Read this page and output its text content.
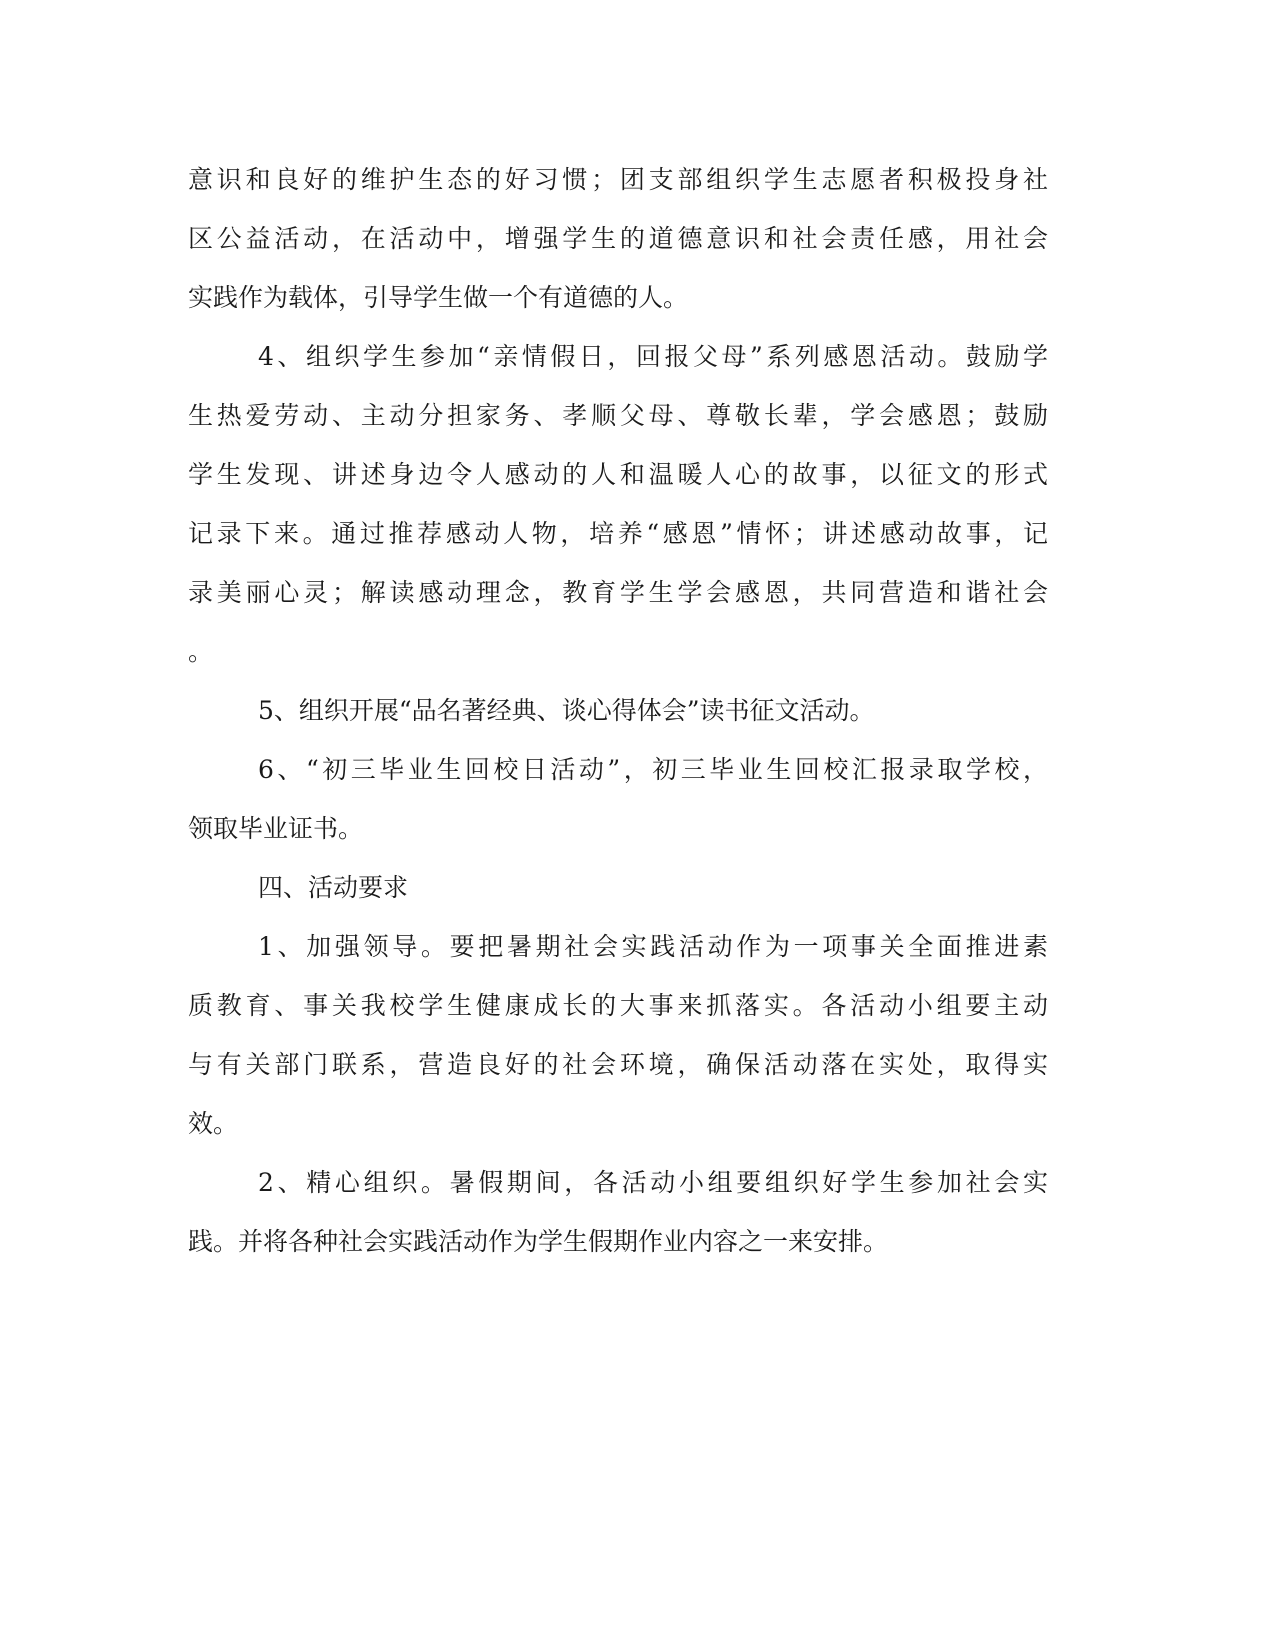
意识和良好的维护生态的好习惯；团支部组织学生志愿者积极投身社
区公益活动，在活动中，增强学生的道德意识和社会责任感，用社会
实践作为载体，引导学生做一个有道德的人。
4、组织学生参加“亲情假日，回报父母”系列感恩活动。鼓励学
生热爱劳动、主动分担家务、孝顺父母、尊敬长辈，学会感恩；鼓励
学生发现、讲述身边令人感动的人和温暖人心的故事，以征文的形式
记录下来。通过推荐感动人物，培养“感恩”情怀；讲述感动故事，记
录美丽心灵；解读感动理念，教育学生学会感恩，共同营造和谐社会
。
5、组织开展“品名著经典、谈心得体会”读书征文活动。
6、“初三毕业生回校日活动”，初三毕业生回校汇报录取学校，
领取毕业证书。
四、活动要求
1、加强领导。要把暑期社会实践活动作为一项事关全面推进素
质教育、事关我校学生健康成长的大事来抓落实。各活动小组要主动
与有关部门联系，营造良好的社会环境，确保活动落在实处，取得实
效。
2、精心组织。暑假期间，各活动小组要组织好学生参加社会实
践。并将各种社会实践活动作为学生假期作业内容之一来安排。
